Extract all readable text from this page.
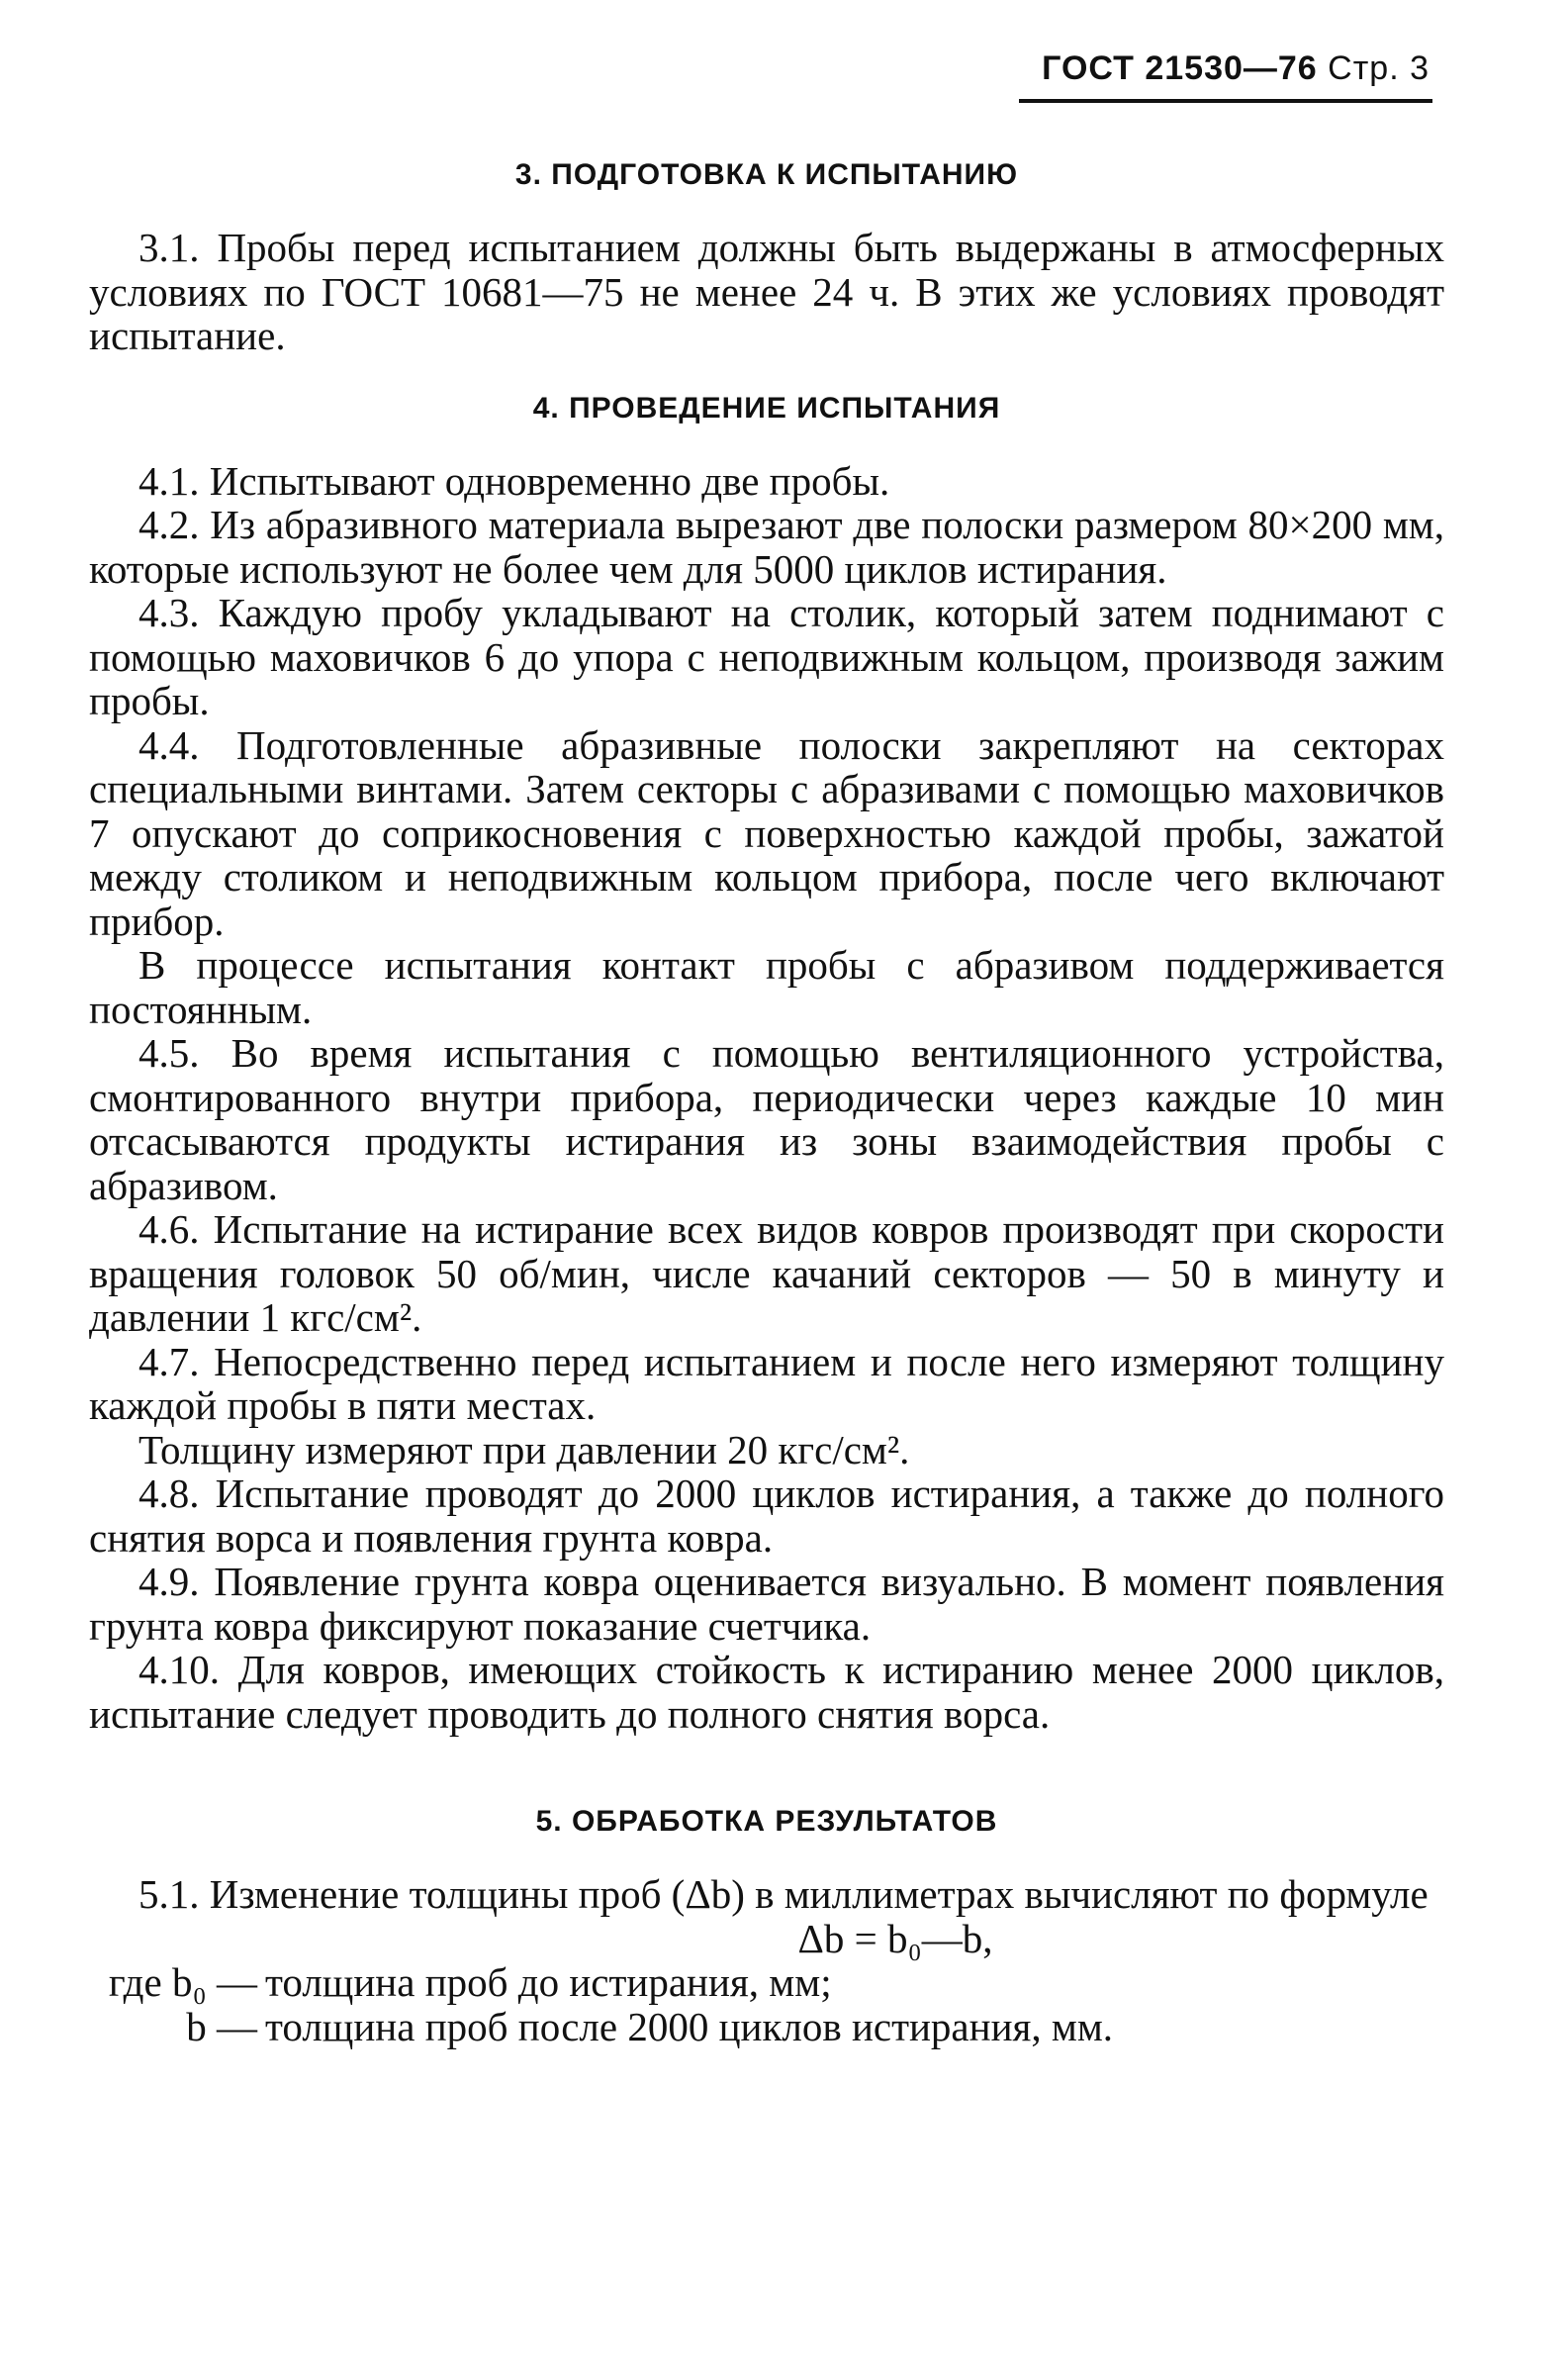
ГОСТ 21530—76 Стр. 3
3. ПОДГОТОВКА К ИСПЫТАНИЮ

3.1. Пробы перед испытанием должны быть выдержаны в атмосферных условиях по ГОСТ 10681—75 не менее 24 ч. В этих же условиях проводят испытание.

4. ПРОВЕДЕНИЕ ИСПЫТАНИЯ

4.1. Испытывают одновременно две пробы.

4.2. Из абразивного материала вырезают две полоски размером 80×200 мм, которые используют не более чем для 5000 циклов истирания.

4.3. Каждую пробу укладывают на столик, который затем поднимают с помощью маховичков 6 до упора с неподвижным кольцом, производя зажим пробы.

4.4. Подготовленные абразивные полоски закрепляют на секторах специальными винтами. Затем секторы с абразивами с помощью маховичков 7 опускают до соприкосновения с поверхностью каждой пробы, зажатой между столиком и неподвижным кольцом прибора, после чего включают прибор.

В процессе испытания контакт пробы с абразивом поддерживается постоянным.

4.5. Во время испытания с помощью вентиляционного устройства, смонтированного внутри прибора, периодически через каждые 10 мин отсасываются продукты истирания из зоны взаимодействия пробы с абразивом.

4.6. Испытание на истирание всех видов ковров производят при скорости вращения головок 50 об/мин, числе качаний секторов — 50 в минуту и давлении 1 кгс/см².

4.7. Непосредственно перед испытанием и после него измеряют толщину каждой пробы в пяти местах.

Толщину измеряют при давлении 20 кгс/см².

4.8. Испытание проводят до 2000 циклов истирания, а также до полного снятия ворса и появления грунта ковра.

4.9. Появление грунта ковра оценивается визуально. В момент появления грунта ковра фиксируют показание счетчика.

4.10. Для ковров, имеющих стойкость к истиранию менее 2000 циклов, испытание следует проводить до полного снятия ворса.

5. ОБРАБОТКА РЕЗУЛЬТАТОВ

5.1. Изменение толщины проб (Δb) в миллиметрах вычисляют по формуле

Δb = b₀—b,
где b₀ — толщина проб до истирания, мм;
b — толщина проб после 2000 циклов истирания, мм.
